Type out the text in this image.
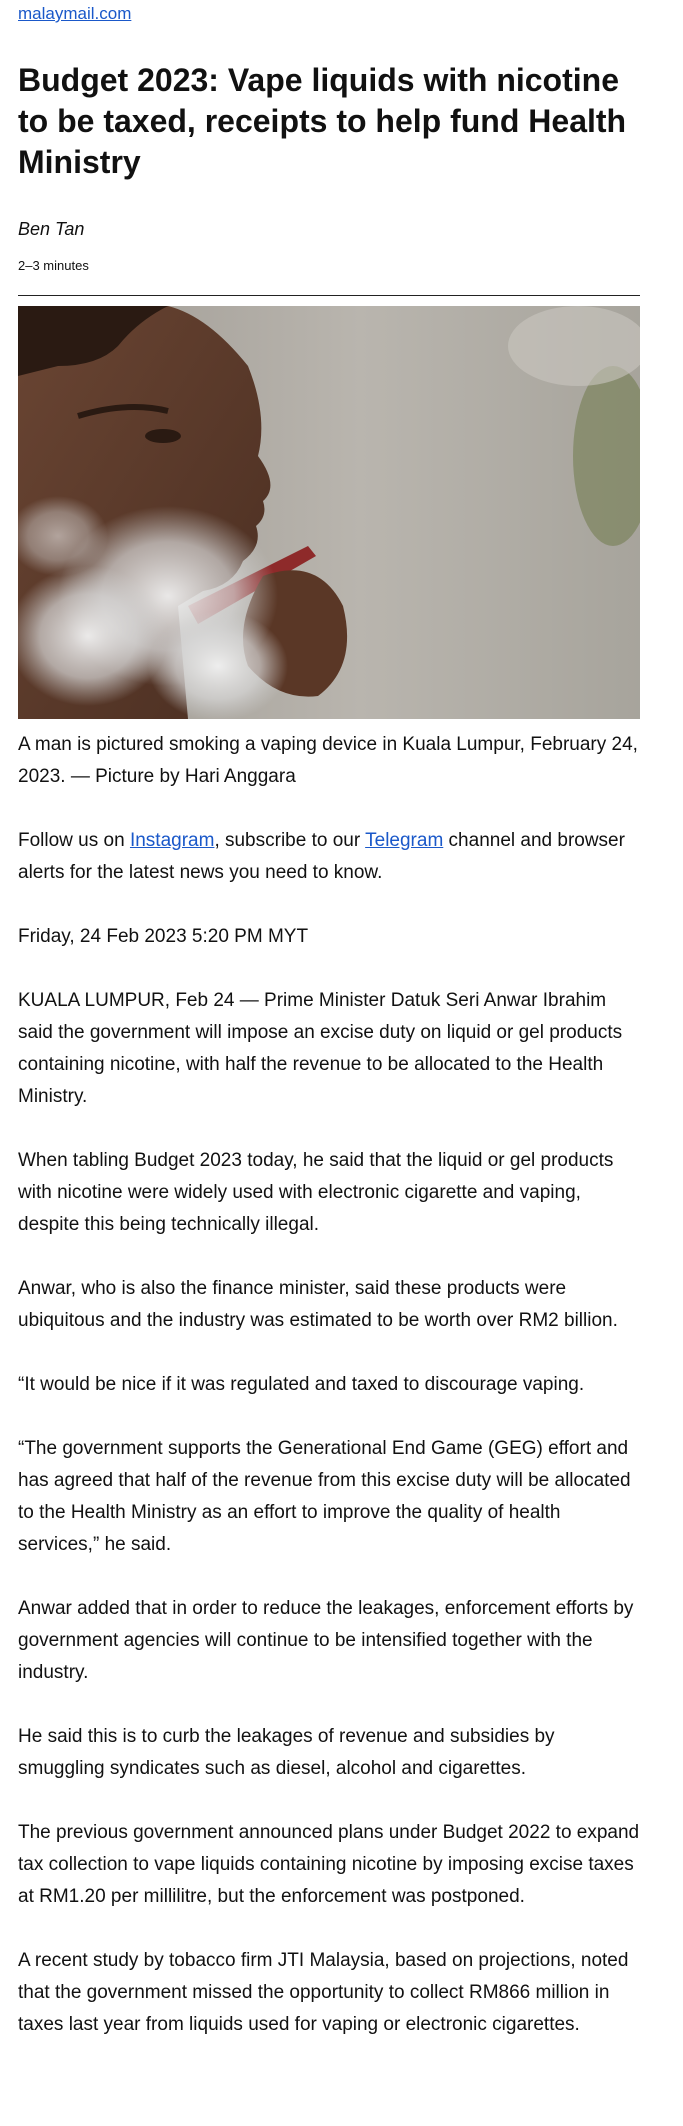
malaymail.com
Budget 2023: Vape liquids with nicotine to be taxed, receipts to help fund Health Ministry
Ben Tan
2–3 minutes
A man is pictured smoking a vaping device in Kuala Lumpur, February 24, 2023. — Picture by Hari Anggara

Follow us on Instagram, subscribe to our Telegram channel and browser alerts for the latest news you need to know.

Friday, 24 Feb 2023 5:20 PM MYT

KUALA LUMPUR, Feb 24 — Prime Minister Datuk Seri Anwar Ibrahim said the government will impose an excise duty on liquid or gel products containing nicotine, with half the revenue to be allocated to the Health Ministry.

When tabling Budget 2023 today, he said that the liquid or gel products with nicotine were widely used with electronic cigarette and vaping, despite this being technically illegal.

Anwar, who is also the finance minister, said these products were ubiquitous and the industry was estimated to be worth over RM2 billion.

“It would be nice if it was regulated and taxed to discourage vaping.

“The government supports the Generational End Game (GEG) effort and has agreed that half of the revenue from this excise duty will be allocated to the Health Ministry as an effort to improve the quality of health services,” he said.

Anwar added that in order to reduce the leakages, enforcement efforts by government agencies will continue to be intensified together with the industry.

He said this is to curb the leakages of revenue and subsidies by smuggling syndicates such as diesel, alcohol and cigarettes.

The previous government announced plans under Budget 2022 to expand tax collection to vape liquids containing nicotine by imposing excise taxes at RM1.20 per millilitre, but the enforcement was postponed.

A recent study by tobacco firm JTI Malaysia, based on projections, noted that the government missed the opportunity to collect RM866 million in taxes last year from liquids used for vaping or electronic cigarettes.
